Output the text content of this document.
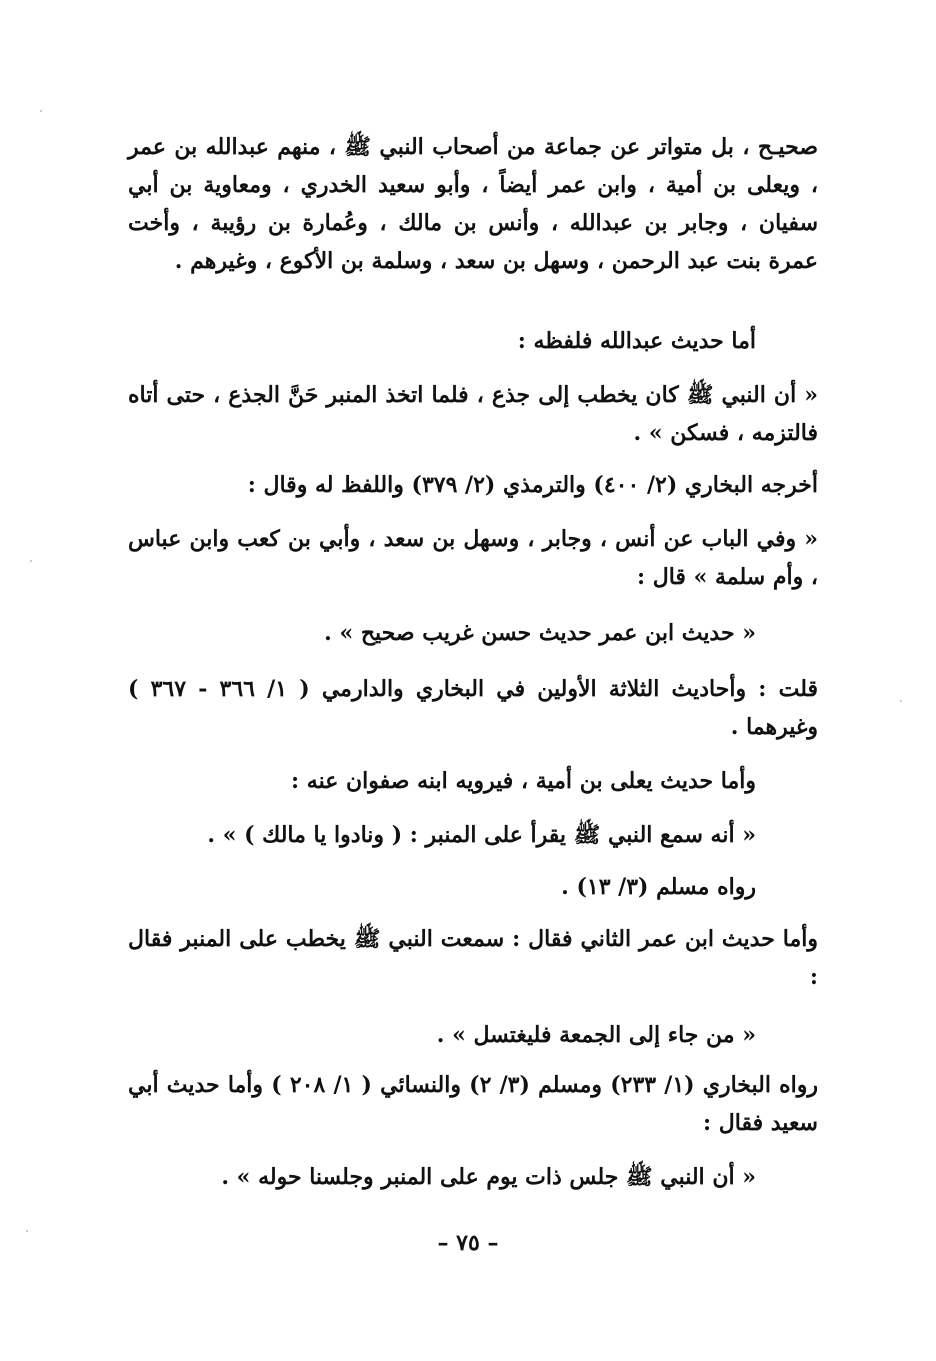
صحيـح ، بل متواتر عن جماعة من أصحاب النبي ﷺ ، منهم عبدالله بن عمر ، ويعلى بن أمية ، وابن عمر أيضاً ، وأبو سعيد الخدري ، ومعاوية بن أبي سفيان ، وجابر بن عبدالله ، وأنس بن مالك ، وعُمارة بن رؤيبة ، وأخت عمرة بنت عبد الرحمن ، وسهل بن سعد ، وسلمة بن الأكوع ، وغيرهم .

أما حديث عبدالله فلفظه :

« أن النبي ﷺ كان يخطب إلى جذع ، فلما اتخذ المنبر حَنَّ الجذع ، حتى أتاه فالتزمه ، فسكن » .

أخرجه البخاري (٢/ ٤٠٠) والترمذي (٢/ ٣٧٩) واللفظ له وقال :

« وفي الباب عن أنس ، وجابر ، وسهل بن سعد ، وأبي بن كعب وابن عباس ، وأم سلمة » قال :

« حديث ابن عمر حديث حسن غريب صحيح » .

قلت : وأحاديث الثلاثة الأولين في البخاري والدارمي ( ١/ ٣٦٦ - ٣٦٧ ) وغيرهما .

وأما حديث يعلى بن أمية ، فيرويه ابنه صفوان عنه :

« أنه سمع النبي ﷺ يقرأ على المنبر : ( ونادوا يا مالك ) » .

رواه مسلم (٣/ ١٣) .

وأما حديث ابن عمر الثاني فقال : سمعت النبي ﷺ يخطب على المنبر فقال :

« من جاء إلى الجمعة فليغتسل » .

رواه البخاري (١/ ٢٣٣) ومسلم (٣/ ٢) والنسائي ( ١/ ٢٠٨ ) وأما حديث أبي سعيد فقال :

« أن النبي ﷺ جلس ذات يوم على المنبر وجلسنا حوله » .

– ٧٥ –
